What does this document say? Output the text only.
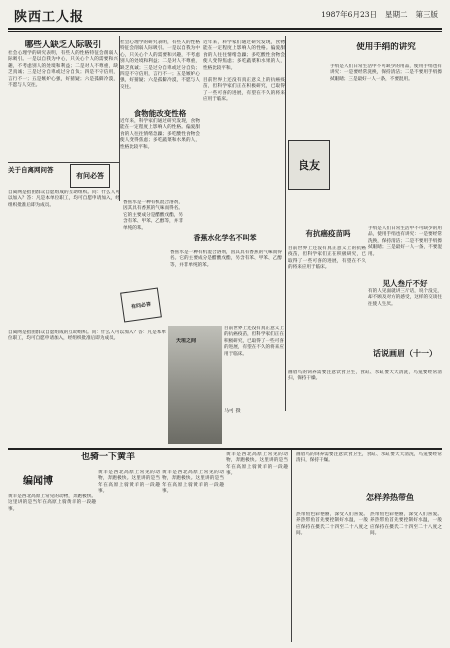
陕西工人报	1987年6月23日 星期二 第三版
哪些人缺乏人际吸引
社会心理学的研究表明，有些人的性格特征会削弱人际吸引。一是以自我为中心，只关心个人的需要和兴趣，不考虑别人的处境和利益；二是对人不尊重，缺乏真诚；三是过分自卑或过分自负；四是不守信用，言行不一；五是嫉妒心强，好猜疑；六是孤僻冷漠，不愿与人交往。
社会心理学的研究表明，有些人的性格特征会削弱人际吸引。一是以自我为中心，只关心个人的需要和兴趣，不考虑别人的处境和利益；二是对人不尊重，缺乏真诚；三是过分自卑或过分自负；四是不守信用，言行不一；五是嫉妒心强，好猜疑；六是孤僻冷漠，不愿与人交往。
食物能改变性格
近年来，科学家们通过研究发现，食物能在一定程度上影响人的性格。偏爱甜食的人往往情绪急躁；多吃酸性食物会使人变得焦虑；多吃蔬菜和水果的人，性格比较平和。
近年来，科学家们通过研究发现，食物能在一定程度上影响人的性格。偏爱甜食的人往往情绪急躁；多吃酸性食物会使人变得焦虑；多吃蔬菜和水果的人，性格比较平和。
目前世界上还没有真正意义上的抗癌疫苗，但科学家们正在积极研究，已取得了一些可喜的进展，有望在不久的将来应用于临床。
使用手绢的讲究
手绢是人们日常生活中不可缺少的用品，使用手绢也有讲究：一是要经常洗换，保持清洁；二是不要用手绢擦拭眼睛；三是最好一人一条，不要混用。
良友
关于自离网问答
有问必答
自离网是指由群众自愿组成的互助组织。问：什么人可以加入？答：凡是本单位职工，均可自愿申请加入，经组织批准后即为成员。
香蕉水是一种有机混合溶剂，因其具有香蕉的气味而得名。它的主要成分是醋酸戊酯，另含有苯、甲苯、乙醇等，并非单纯的苯。
香蕉水化学名不叫苯
香蕉水是一种有机混合溶剂，因其具有香蕉的气味而得名。它的主要成分是醋酸戊酯，另含有苯、甲苯、乙醇等，并非单纯的苯。
有问必答
有抗癌疫苗吗
目前世界上还没有真正意义上的抗癌疫苗，但科学家们正在积极研究，已取得了一些可喜的进展，有望在不久的将来应用于临床。
手绢是人们日常生活中不可缺少的用品，使用手绢也有讲究：一是要经常洗换，保持清洁；二是不要用手绢擦拭眼睛；三是最好一人一条，不要混用。
见人叁斤不好
有的人见面就讲三斤话，说个没完，却不顾及对方的感受，这样的交谈往往使人生厌。
话说画眉（十一）
画眉鸟的饲养需要注意饮食卫生，食缸、水缸要天天清洗，鸟笼要经常清扫，保持干燥。
天垣之间
马可 摄
自离网是指由群众自愿组成的互助组织。问：什么人可以加入？答：凡是本单位职工，均可自愿申请加入，经组织批准后即为成员。
目前世界上还没有真正意义上的抗癌疫苗，但科学家们正在积极研究，已取得了一些可喜的进展，有望在不久的将来应用于临床。
也骑一下黄羊
编闻博
黄羊是西北高原上常见的动物，奔跑极快。这里讲的是当年在高原上骑黄羊的一段趣事。
黄羊是西北高原上常见的动物，奔跑极快。这里讲的是当年在高原上骑黄羊的一段趣事。
黄羊是西北高原上常见的动物，奔跑极快。这里讲的是当年在高原上骑黄羊的一段趣事。
黄羊是西北高原上常见的动物，奔跑极快。这里讲的是当年在高原上骑黄羊的一段趣事。
画眉鸟的饲养需要注意饮食卫生，食缸、水缸要天天清洗，鸟笼要经常清扫，保持干燥。
怎样养热带鱼
热带鱼色彩艳丽，深受人们喜爱。养热带鱼首先要控制好水温，一般应保持在摄氏二十四至二十八度之间。
热带鱼色彩艳丽，深受人们喜爱。养热带鱼首先要控制好水温，一般应保持在摄氏二十四至二十八度之间。
